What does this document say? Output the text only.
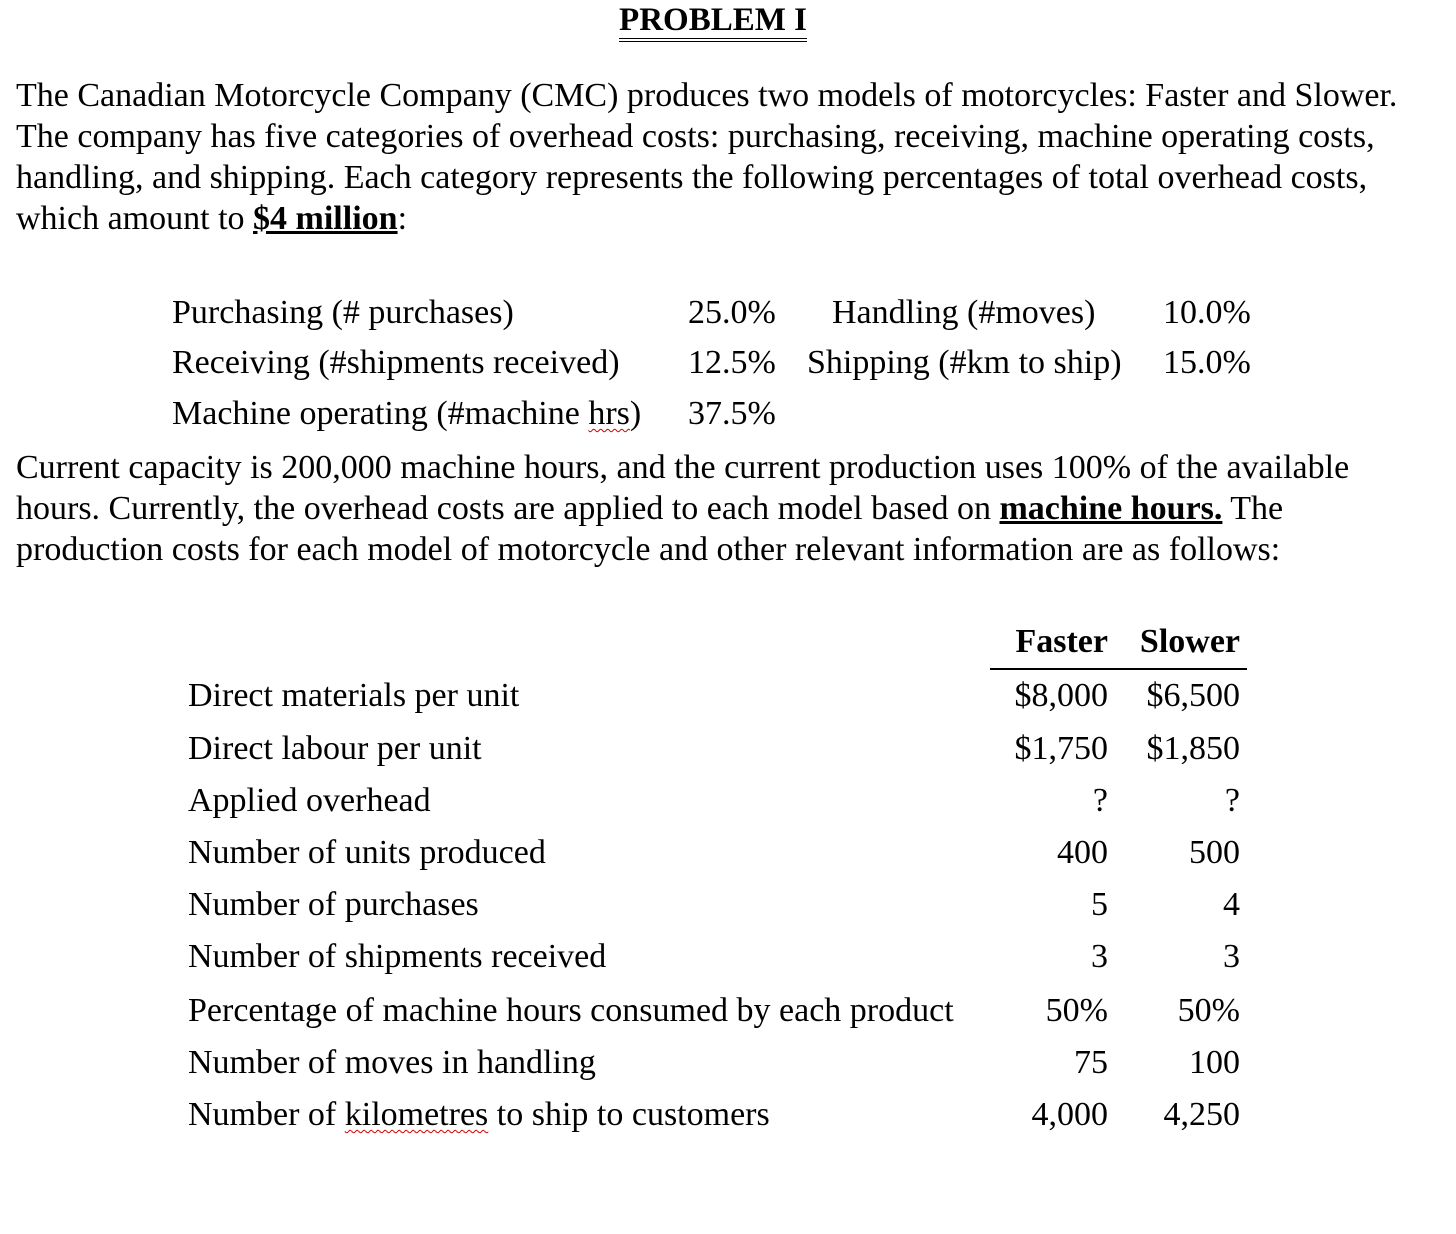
PROBLEM I

The Canadian Motorcycle Company (CMC) produces two models of motorcycles: Faster and Slower. The company has five categories of overhead costs: purchasing, receiving, machine operating costs, handling, and shipping. Each category represents the following percentages of total overhead costs, which amount to $4 million:

Purchasing (# purchases)	25.0%
Receiving (#shipments received) 12.5%
Machine operating (#machine hrs) 37.5%
Handling (#moves) 10.0%
Shipping (#km to ship) 15.0%

Current capacity is 200,000 machine hours, and the current production uses 100% of the available hours. Currently, the overhead costs are applied to each model based on machine hours. The production costs for each model of motorcycle and other relevant information are as follows:

Faster Slower
Direct materials per unit	$8,000	$6,500
Direct labour per unit	$1,750	$1,850
Applied overhead	?	?
Number of units produced	400	500
Number of purchases	5	4
Number of shipments received	3	3
Percentage of machine hours consumed by each product	50%	50%
Number of moves in handling	75	100
Number of kilometres to ship to customers	4,000	4,250
